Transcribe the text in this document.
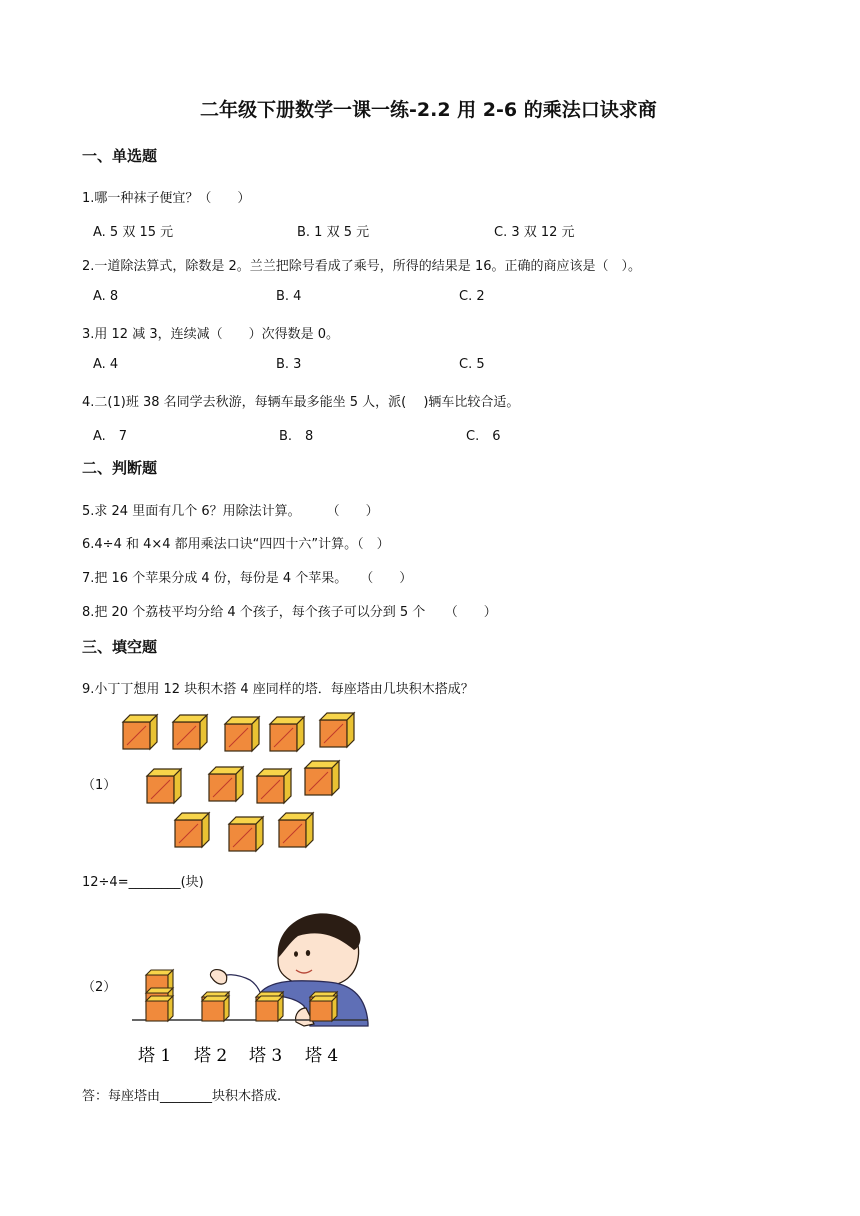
二年级下册数学一课一练-2.2 用 2-6 的乘法口诀求商
一、单选题
1.哪一种袜子便宜？（　　）
A. 5 双 15 元	B. 1 双 5 元	C. 3 双 12 元
2.一道除法算式，除数是 2。兰兰把除号看成了乘号，所得的结果是 16。正确的商应该是（　）。
A. 8	B. 4	C. 2
3.用 12 减 3，连续减（　　）次得数是 0。
A. 4	B. 3	C. 5
4.二(1)班 38 名同学去秋游，每辆车最多能坐 5 人，派(　 )辆车比较合适。
A.　7	B.　8	C.　6
二、判断题
5.求 24 里面有几个 6？用除法计算。　　　（　　）
6.4÷4 和 4×4 都用乘法口诀“四四十六”计算。（　）
7.把 16 个苹果分成 4 份，每份是 4 个苹果。　　（　　）
8.把 20 个荔枝平均分给 4 个孩子，每个孩子可以分到 5 个　　（　　）
三、填空题
9.小丁丁想用 12 块积木搭 4 座同样的塔．每座塔由几块积木搭成？
（1）
12÷4=________(块)
（2）
塔 1 塔 2 塔 3 塔 4
答：每座塔由________块积木搭成.
